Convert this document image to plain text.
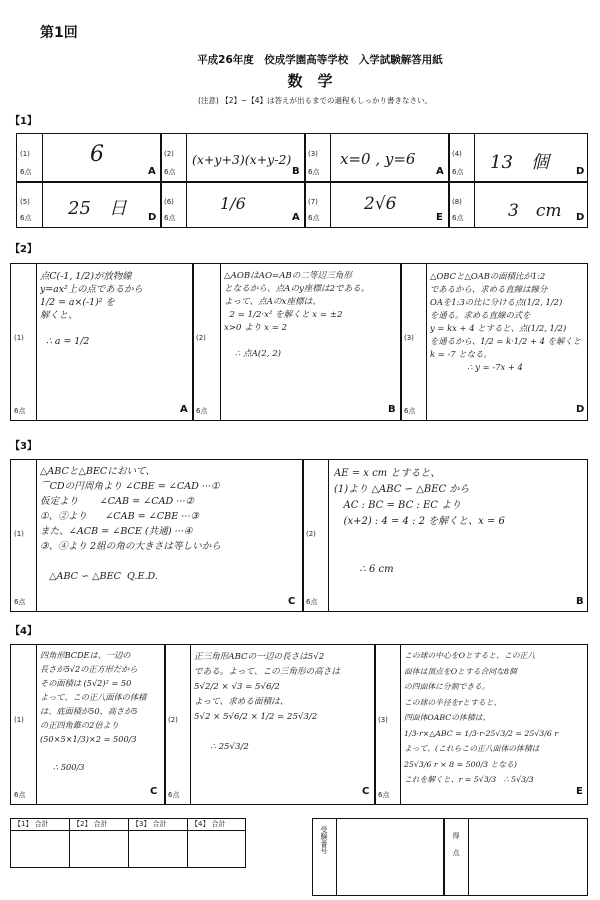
第1回
平成26年度　佼成学園高等学校　入学試験解答用紙
数　学
(注意) 【2】~【4】は答えが出るまでの過程もしっかり書きなさい。
【1】
(1)
6点
6
A
(2)
6点
(x+y+3)(x+y-2)
B
(3)
6点
x=0 , y=6
A
(4)
6点 13　個	D
(5)
6点 25　日 D
(6)
6点
1/6
A
(7)
6点
2√6
E
(8)
6点	3　cm D
【2】
(1)
6点
点C(-1, 1/2)が放物線
y=ax²上の点であるから
1/2 = a×(-1)² を
解くと、

∴ a = 1/2
A
(2)
6点
△AOBはAO=ABの二等辺三角形
となるから、点Aのy座標は2である。
よって、点Aのx座標は、
2 = 1/2·x² を解くと x = ±2
x>0 より x = 2

∴ 点A(2, 2)
B
(3)
6点
△OBCと△OABの面積比が1:2
であるから、求める直線は線分
OAを1:3の比に分ける点(1/2, 1/2)
を通る。求める直線の式を
y = kx + 4 とすると、点(1/2, 1/2)
を通るから、1/2 = k·1/2 + 4 を解くと
k = -7 となる。
∴ y = -7x + 4
D
【3】
(1)
6点
△ABCと△BECにおいて、
⌒CDの円周角より ∠CBE = ∠CAD ···①
仮定より       ∠CAB = ∠CAD ···②
①、②より      ∠CAB = ∠CBE ···③
また、∠ACB = ∠BCE (共通) ···④
③、④より 2組の角の大きさは等しいから

△ABC ∽ △BEC  Q.E.D.
C
(2)
6点
AE = x cm とすると、
(1)より △ABC ∽ △BEC から
AC : BC = BC : EC より
(x+2) : 4 = 4 : 2 を解くと、x = 6

∴ 6 cm
B
【4】
(1)
6点
四角形BCDEは、一辺の
長さが5√2の正方形だから
その面積は (5√2)² = 50
よって、この正八面体の体積
は、底面積が50、高さが5
の正四角錐の2倍より
(50×5×1/3)×2 = 500/3

∴ 500/3
C
(2)
6点
正三角形ABCの一辺の長さは5√2
である。よって、この三角形の高さは
5√2/2 × √3 = 5√6/2
よって、求める面積は、
5√2 × 5√6/2 × 1/2 = 25√3/2

∴ 25√3/2
C
(3)
6点
この球の中心をOとすると、この正八
面体は頂点をOとする合同な8個
の四面体に分割できる。
この球の半径をrとすると、
四面体OABCの体積は、
1/3·r×△ABC = 1/3·r·25√3/2 = 25√3/6 r
よって、(これらこの正八面体の体積は
25√3/6 r × 8 = 500/3 となる)
これを解くと、r = 5√3/3   ∴ 5√3/3
E
【1】 合計	【2】 合計	【3】 合計	【4】 合計
受験番号	得点
